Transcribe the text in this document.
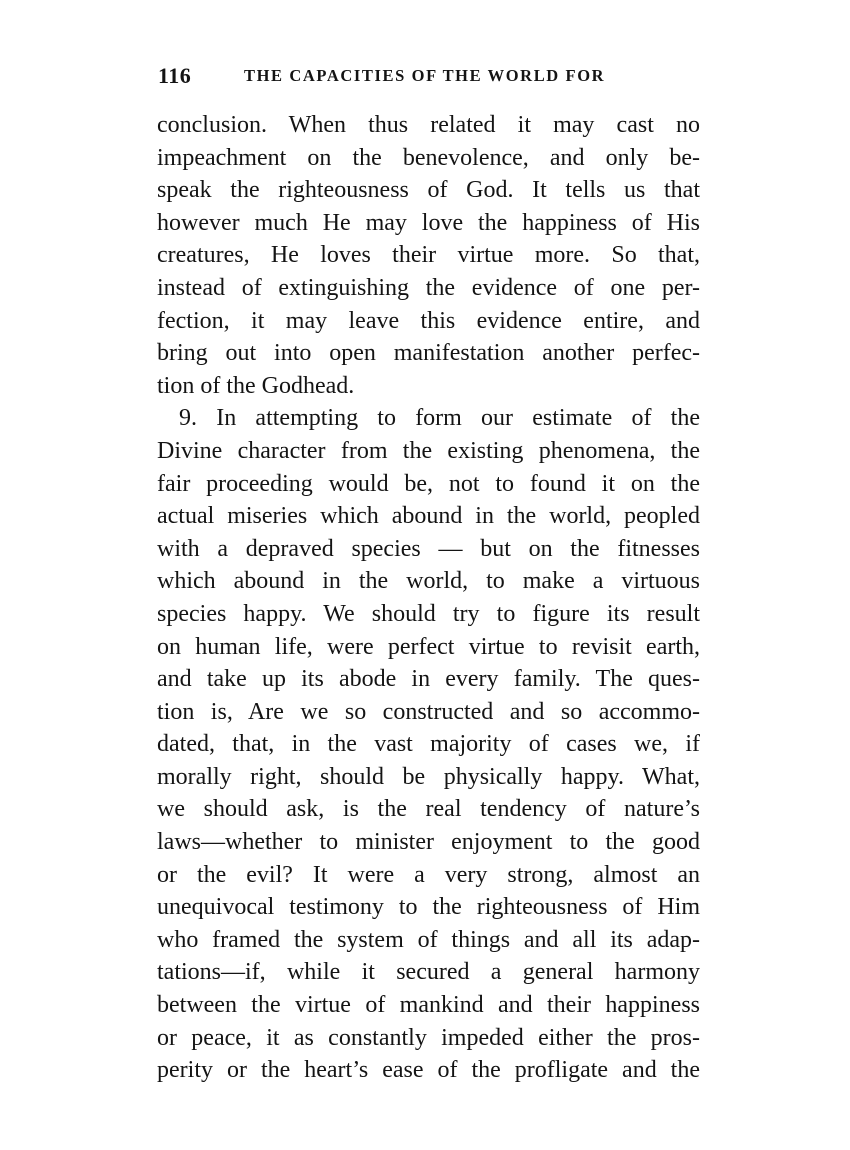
116	THE CAPACITIES OF THE WORLD FOR
conclusion. When thus related it may cast no
impeachment on the benevolence, and only be-
speak the righteousness of God. It tells us that
however much He may love the happiness of His
creatures, He loves their virtue more. So that,
instead of extinguishing the evidence of one per-
fection, it may leave this evidence entire, and
bring out into open manifestation another perfec-
tion of the Godhead.
9. In attempting to form our estimate of the
Divine character from the existing phenomena, the
fair proceeding would be, not to found it on the
actual miseries which abound in the world, peopled
with a depraved species — but on the fitnesses
which abound in the world, to make a virtuous
species happy. We should try to figure its result
on human life, were perfect virtue to revisit earth,
and take up its abode in every family. The ques-
tion is, Are we so constructed and so accommo-
dated, that, in the vast majority of cases we, if
morally right, should be physically happy. What,
we should ask, is the real tendency of nature’s
laws—whether to minister enjoyment to the good
or the evil? It were a very strong, almost an
unequivocal testimony to the righteousness of Him
who framed the system of things and all its adap-
tations—if, while it secured a general harmony
between the virtue of mankind and their happiness
or peace, it as constantly impeded either the pros-
perity or the heart’s ease of the profligate and the
